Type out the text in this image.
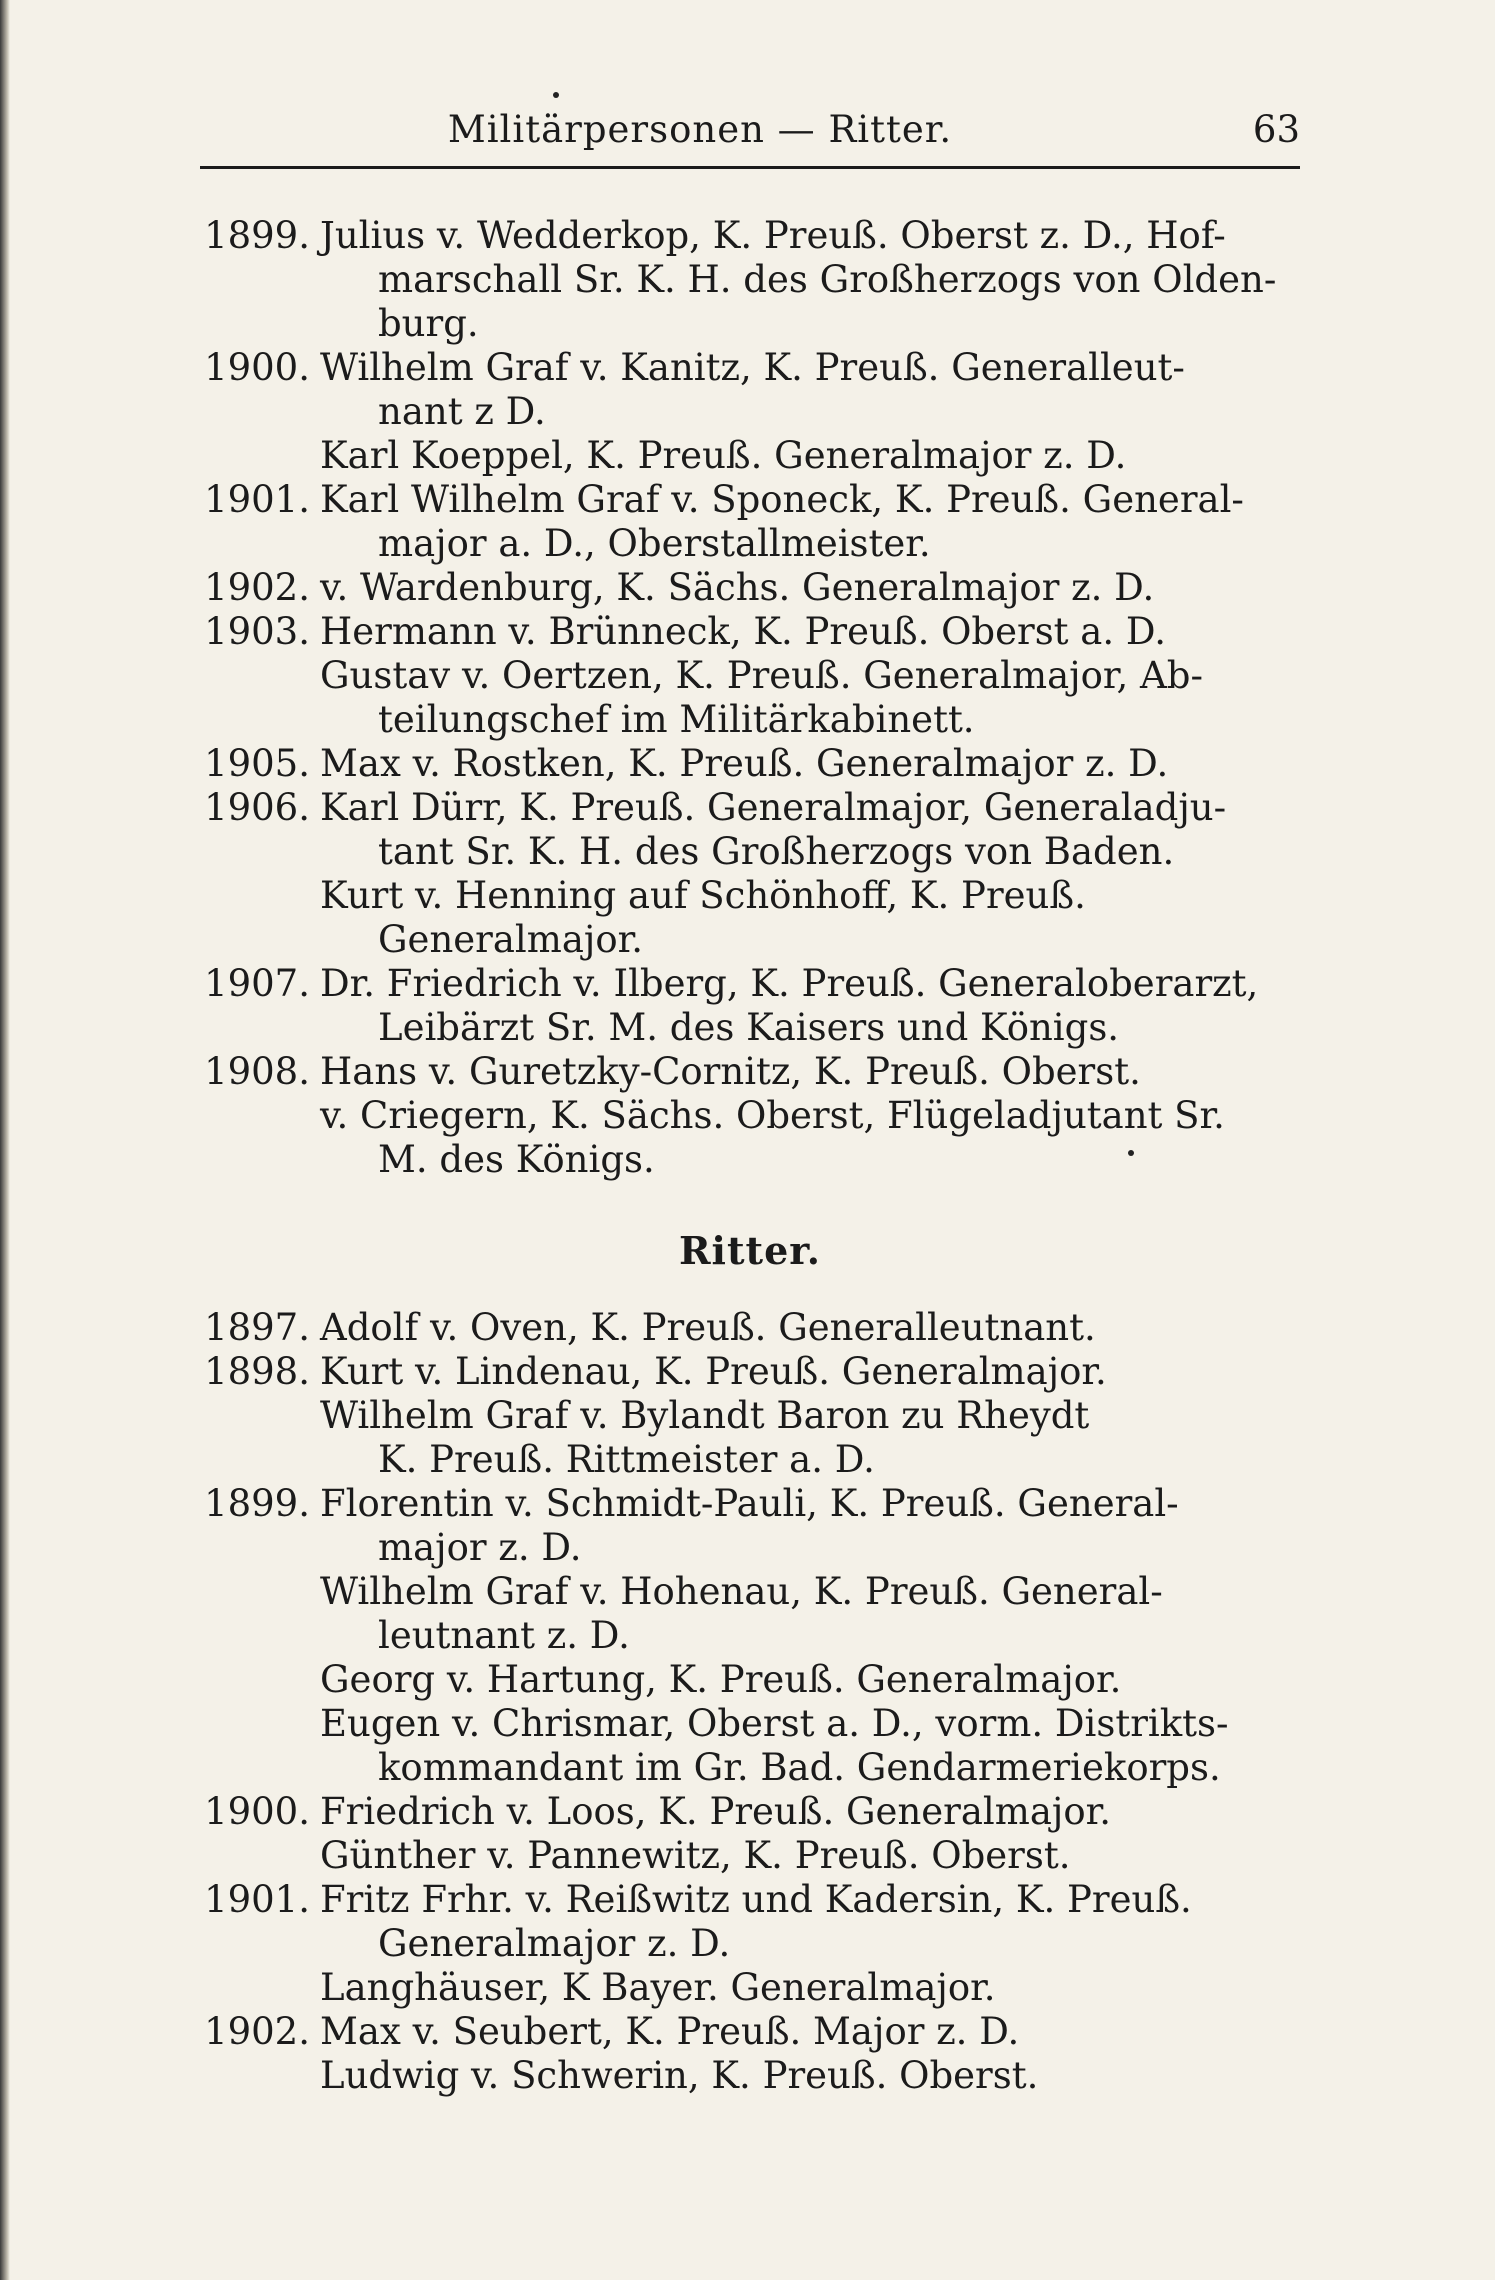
Militärpersonen — Ritter.	63
1899. Julius v. Wedderkop, K. Preuß. Oberst z. D., Hof-
marschall Sr. K. H. des Großherzogs von Olden-
burg.
1900. Wilhelm Graf v. Kanitz, K. Preuß. Generalleut-
nant z D.
Karl Koeppel, K. Preuß. Generalmajor z. D.
1901. Karl Wilhelm Graf v. Sponeck, K. Preuß. General-
major a. D., Oberstallmeister.
1902. v. Wardenburg, K. Sächs. Generalmajor z. D.
1903. Hermann v. Brünneck, K. Preuß. Oberst a. D.
Gustav v. Oertzen, K. Preuß. Generalmajor, Ab-
teilungschef im Militärkabinett.
1905. Max v. Rostken, K. Preuß. Generalmajor z. D.
1906. Karl Dürr, K. Preuß. Generalmajor, Generaladju-
tant Sr. K. H. des Großherzogs von Baden.
Kurt v. Henning auf Schönhoff, K. Preuß.
Generalmajor.
1907. Dr. Friedrich v. Ilberg, K. Preuß. Generaloberarzt,
Leibärzt Sr. M. des Kaisers und Königs.
1908. Hans v. Guretzky-Cornitz, K. Preuß. Oberst.
v. Criegern, K. Sächs. Oberst, Flügeladjutant Sr.
M. des Königs.
Ritter.
1897. Adolf v. Oven, K. Preuß. Generalleutnant.
1898. Kurt v. Lindenau, K. Preuß. Generalmajor.
Wilhelm Graf v. Bylandt Baron zu Rheydt
K. Preuß. Rittmeister a. D.
1899. Florentin v. Schmidt-Pauli, K. Preuß. General-
major z. D.
Wilhelm Graf v. Hohenau, K. Preuß. General-
leutnant z. D.
Georg v. Hartung, K. Preuß. Generalmajor.
Eugen v. Chrismar, Oberst a. D., vorm. Distrikts-
kommandant im Gr. Bad. Gendarmeriekorps.
1900. Friedrich v. Loos, K. Preuß. Generalmajor.
Günther v. Pannewitz, K. Preuß. Oberst.
1901. Fritz Frhr. v. Reißwitz und Kadersin, K. Preuß.
Generalmajor z. D.
Langhäuser, K Bayer. Generalmajor.
1902. Max v. Seubert, K. Preuß. Major z. D.
Ludwig v. Schwerin, K. Preuß. Oberst.
